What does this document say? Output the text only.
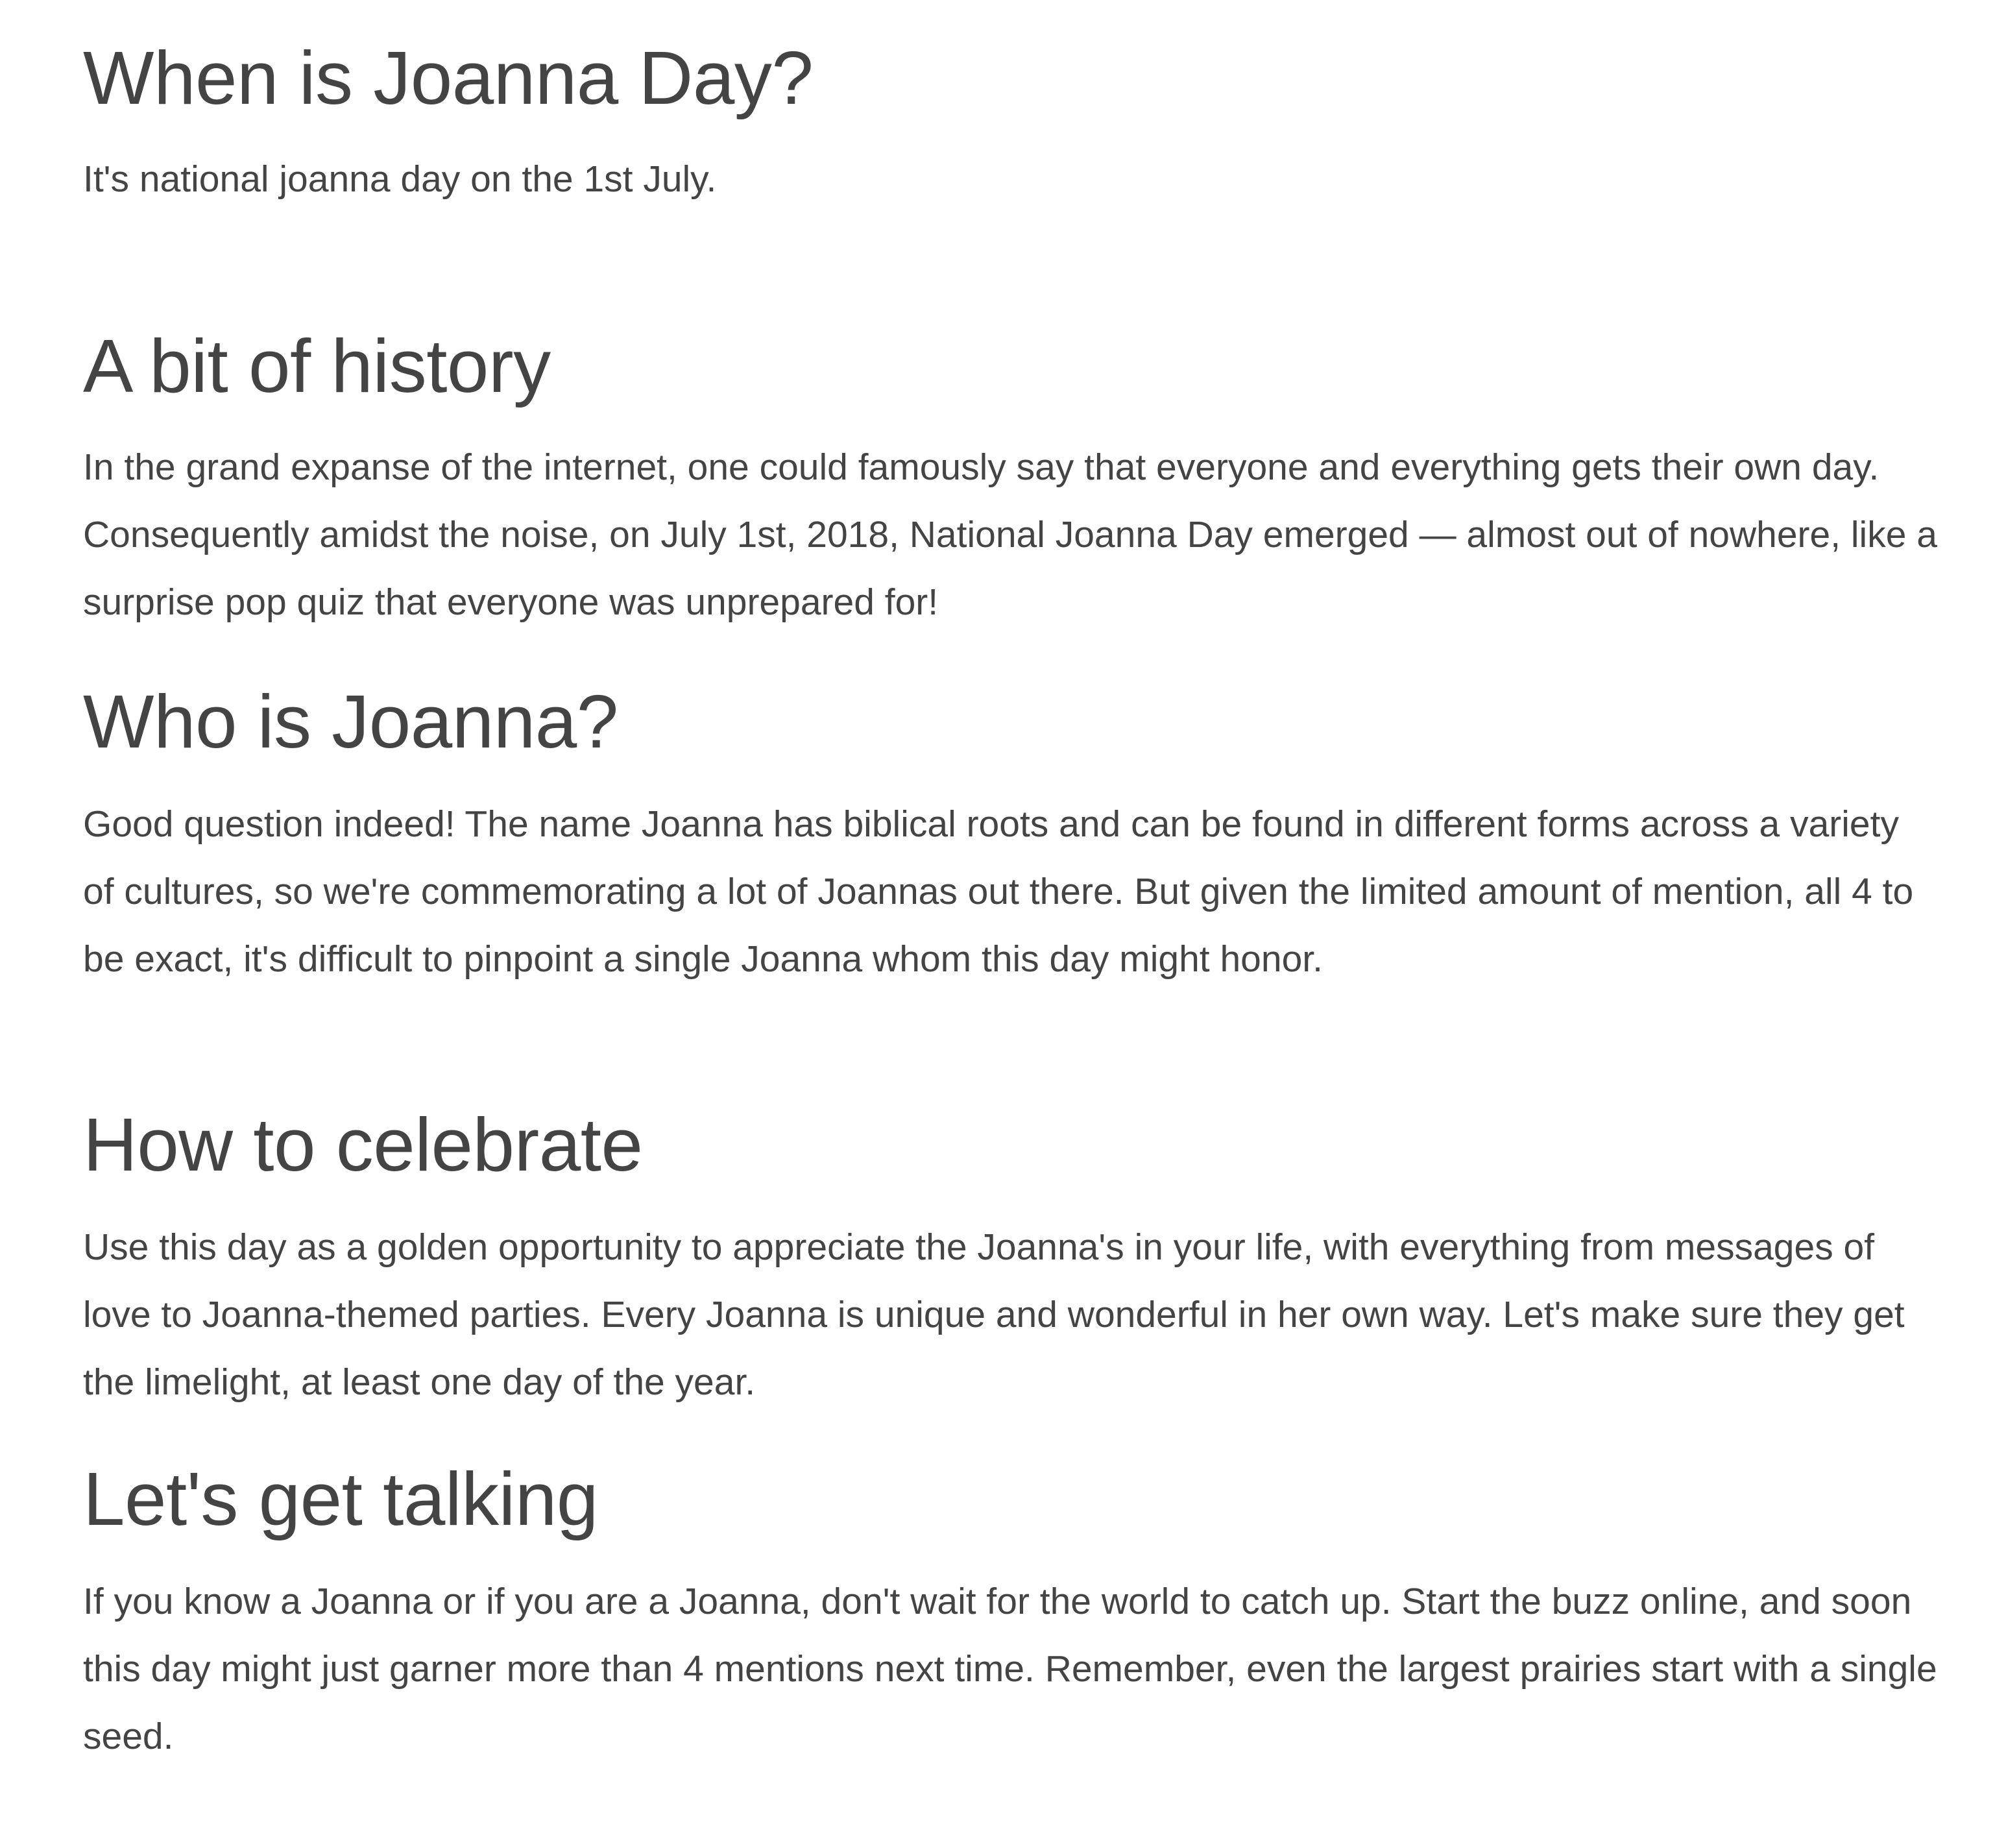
When is Joanna Day?

It's national joanna day on the 1st July.

A bit of history

In the grand expanse of the internet, one could famously say that everyone and everything gets their own day. Consequently amidst the noise, on July 1st, 2018, National Joanna Day emerged — almost out of nowhere, like a surprise pop quiz that everyone was unprepared for!

Who is Joanna?

Good question indeed! The name Joanna has biblical roots and can be found in different forms across a variety of cultures, so we're commemorating a lot of Joannas out there. But given the limited amount of mention, all 4 to be exact, it's difficult to pinpoint a single Joanna whom this day might honor.

How to celebrate

Use this day as a golden opportunity to appreciate the Joanna's in your life, with everything from messages of love to Joanna-themed parties. Every Joanna is unique and wonderful in her own way. Let's make sure they get the limelight, at least one day of the year.

Let's get talking

If you know a Joanna or if you are a Joanna, don't wait for the world to catch up. Start the buzz online, and soon this day might just garner more than 4 mentions next time. Remember, even the largest prairies start with a single seed.
